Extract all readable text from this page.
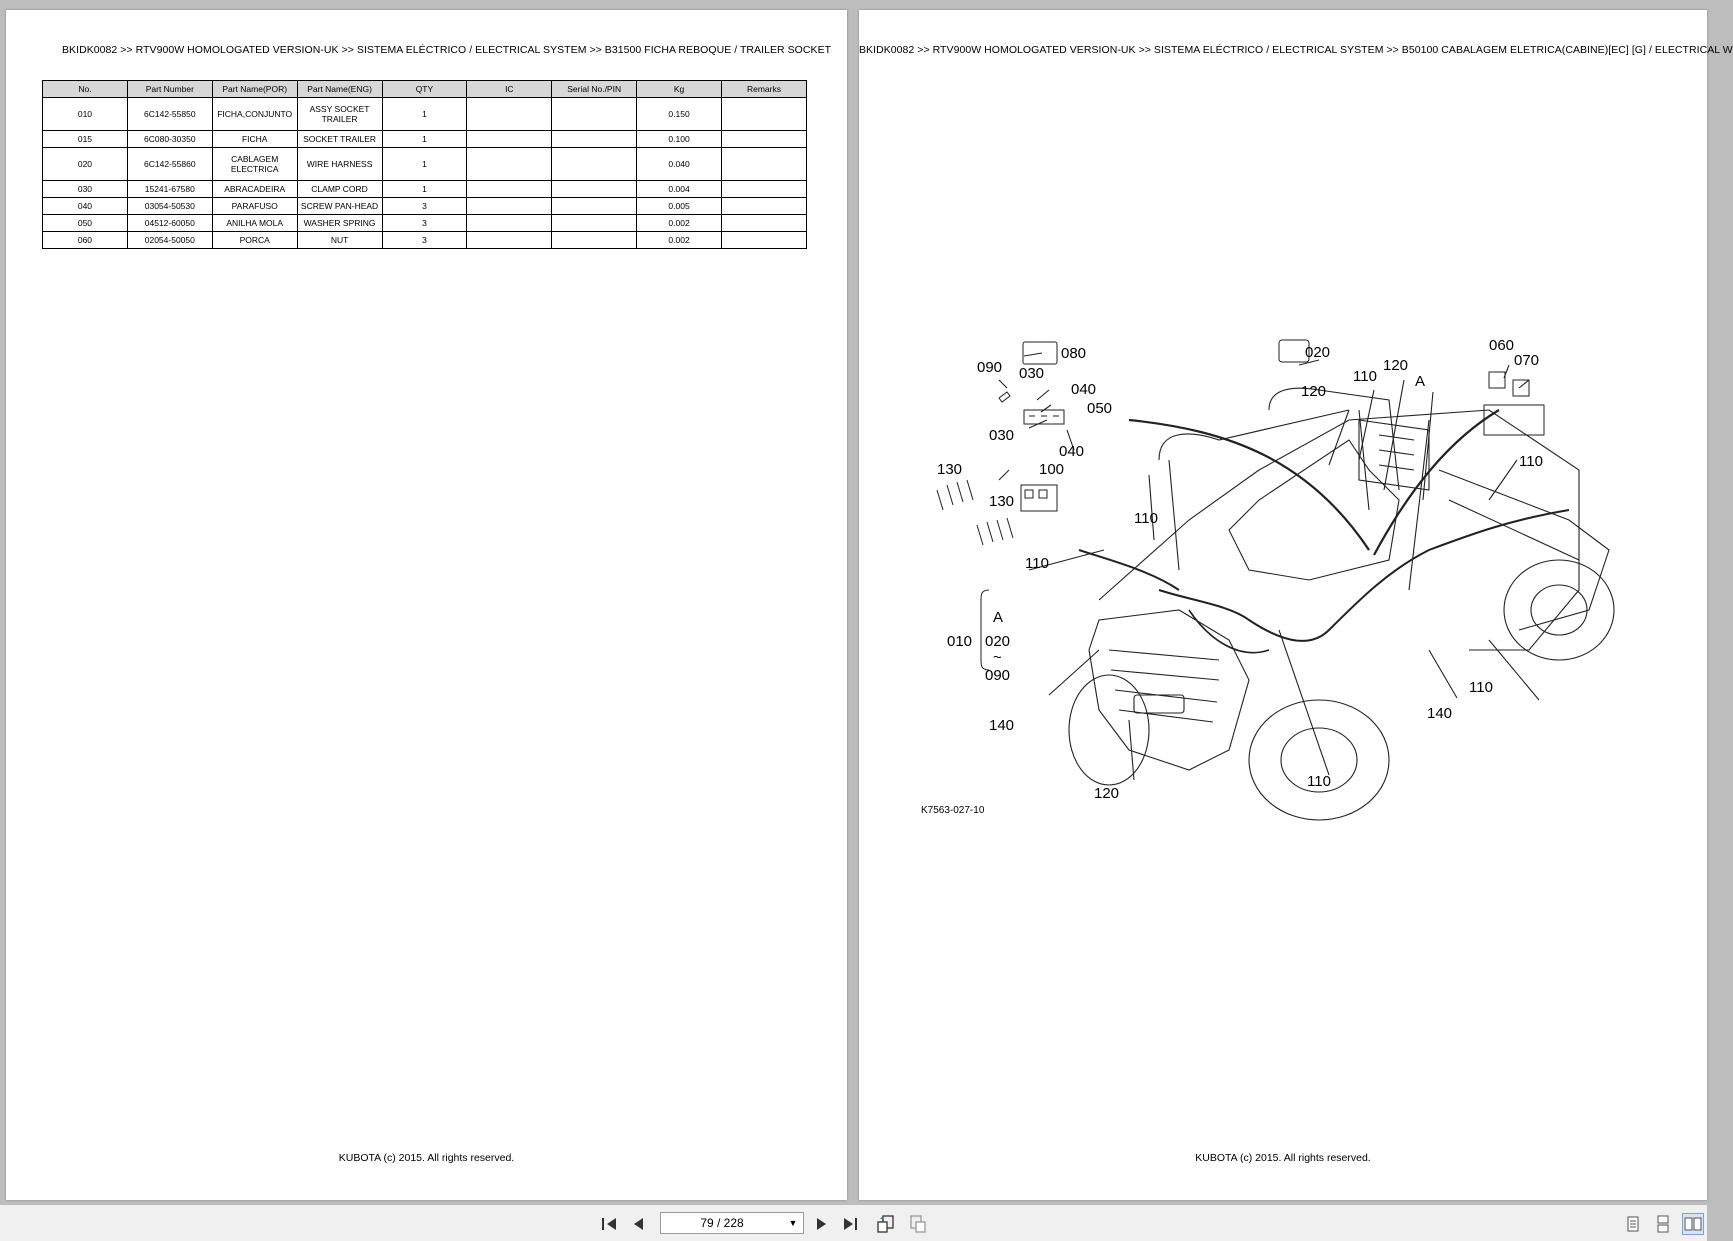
BKIDK0082 >> RTV900W HOMOLOGATED VERSION-UK >> SISTEMA ELÉCTRICO / ELECTRICAL SYSTEM >> B31500 FICHA REBOQUE / TRAILER SOCKET
No.	Part Number	Part Name(POR)	Part Name(ENG)	QTY	IC	Serial No./PIN	Kg	Remarks
010	6C142-55850	FICHA,CONJUNTO	ASSY SOCKET TRAILER	1			0.150	
015	6C080-30350	FICHA	SOCKET TRAILER	1			0.100	
020	6C142-55860	CABLAGEM ELECTRICA	WIRE HARNESS	1			0.040	
030	15241-67580	ABRACADEIRA	CLAMP CORD	1			0.004	
040	03054-50530	PARAFUSO	SCREW PAN-HEAD	3			0.005	
050	04512-60050	ANILHA MOLA	WASHER SPRING	3			0.002	
060	02054-50050	PORCA	NUT	3			0.002	
KUBOTA (c) 2015. All rights reserved.
BKIDK0082 >> RTV900W HOMOLOGATED VERSION-UK >> SISTEMA ELÉCTRICO / ELECTRICAL SYSTEM >> B50100 CABALAGEM ELETRICA(CABINE)[EC] [G] / ELECTRICAL W
080
090 030
040
050
030
040
130	100
130
110
110
A
010 020
~
090
140
120
020
120
110
120
A
060
070
110
110
140
110
K7563-027-10
KUBOTA (c) 2015. All rights reserved.
79 / 228
▼
